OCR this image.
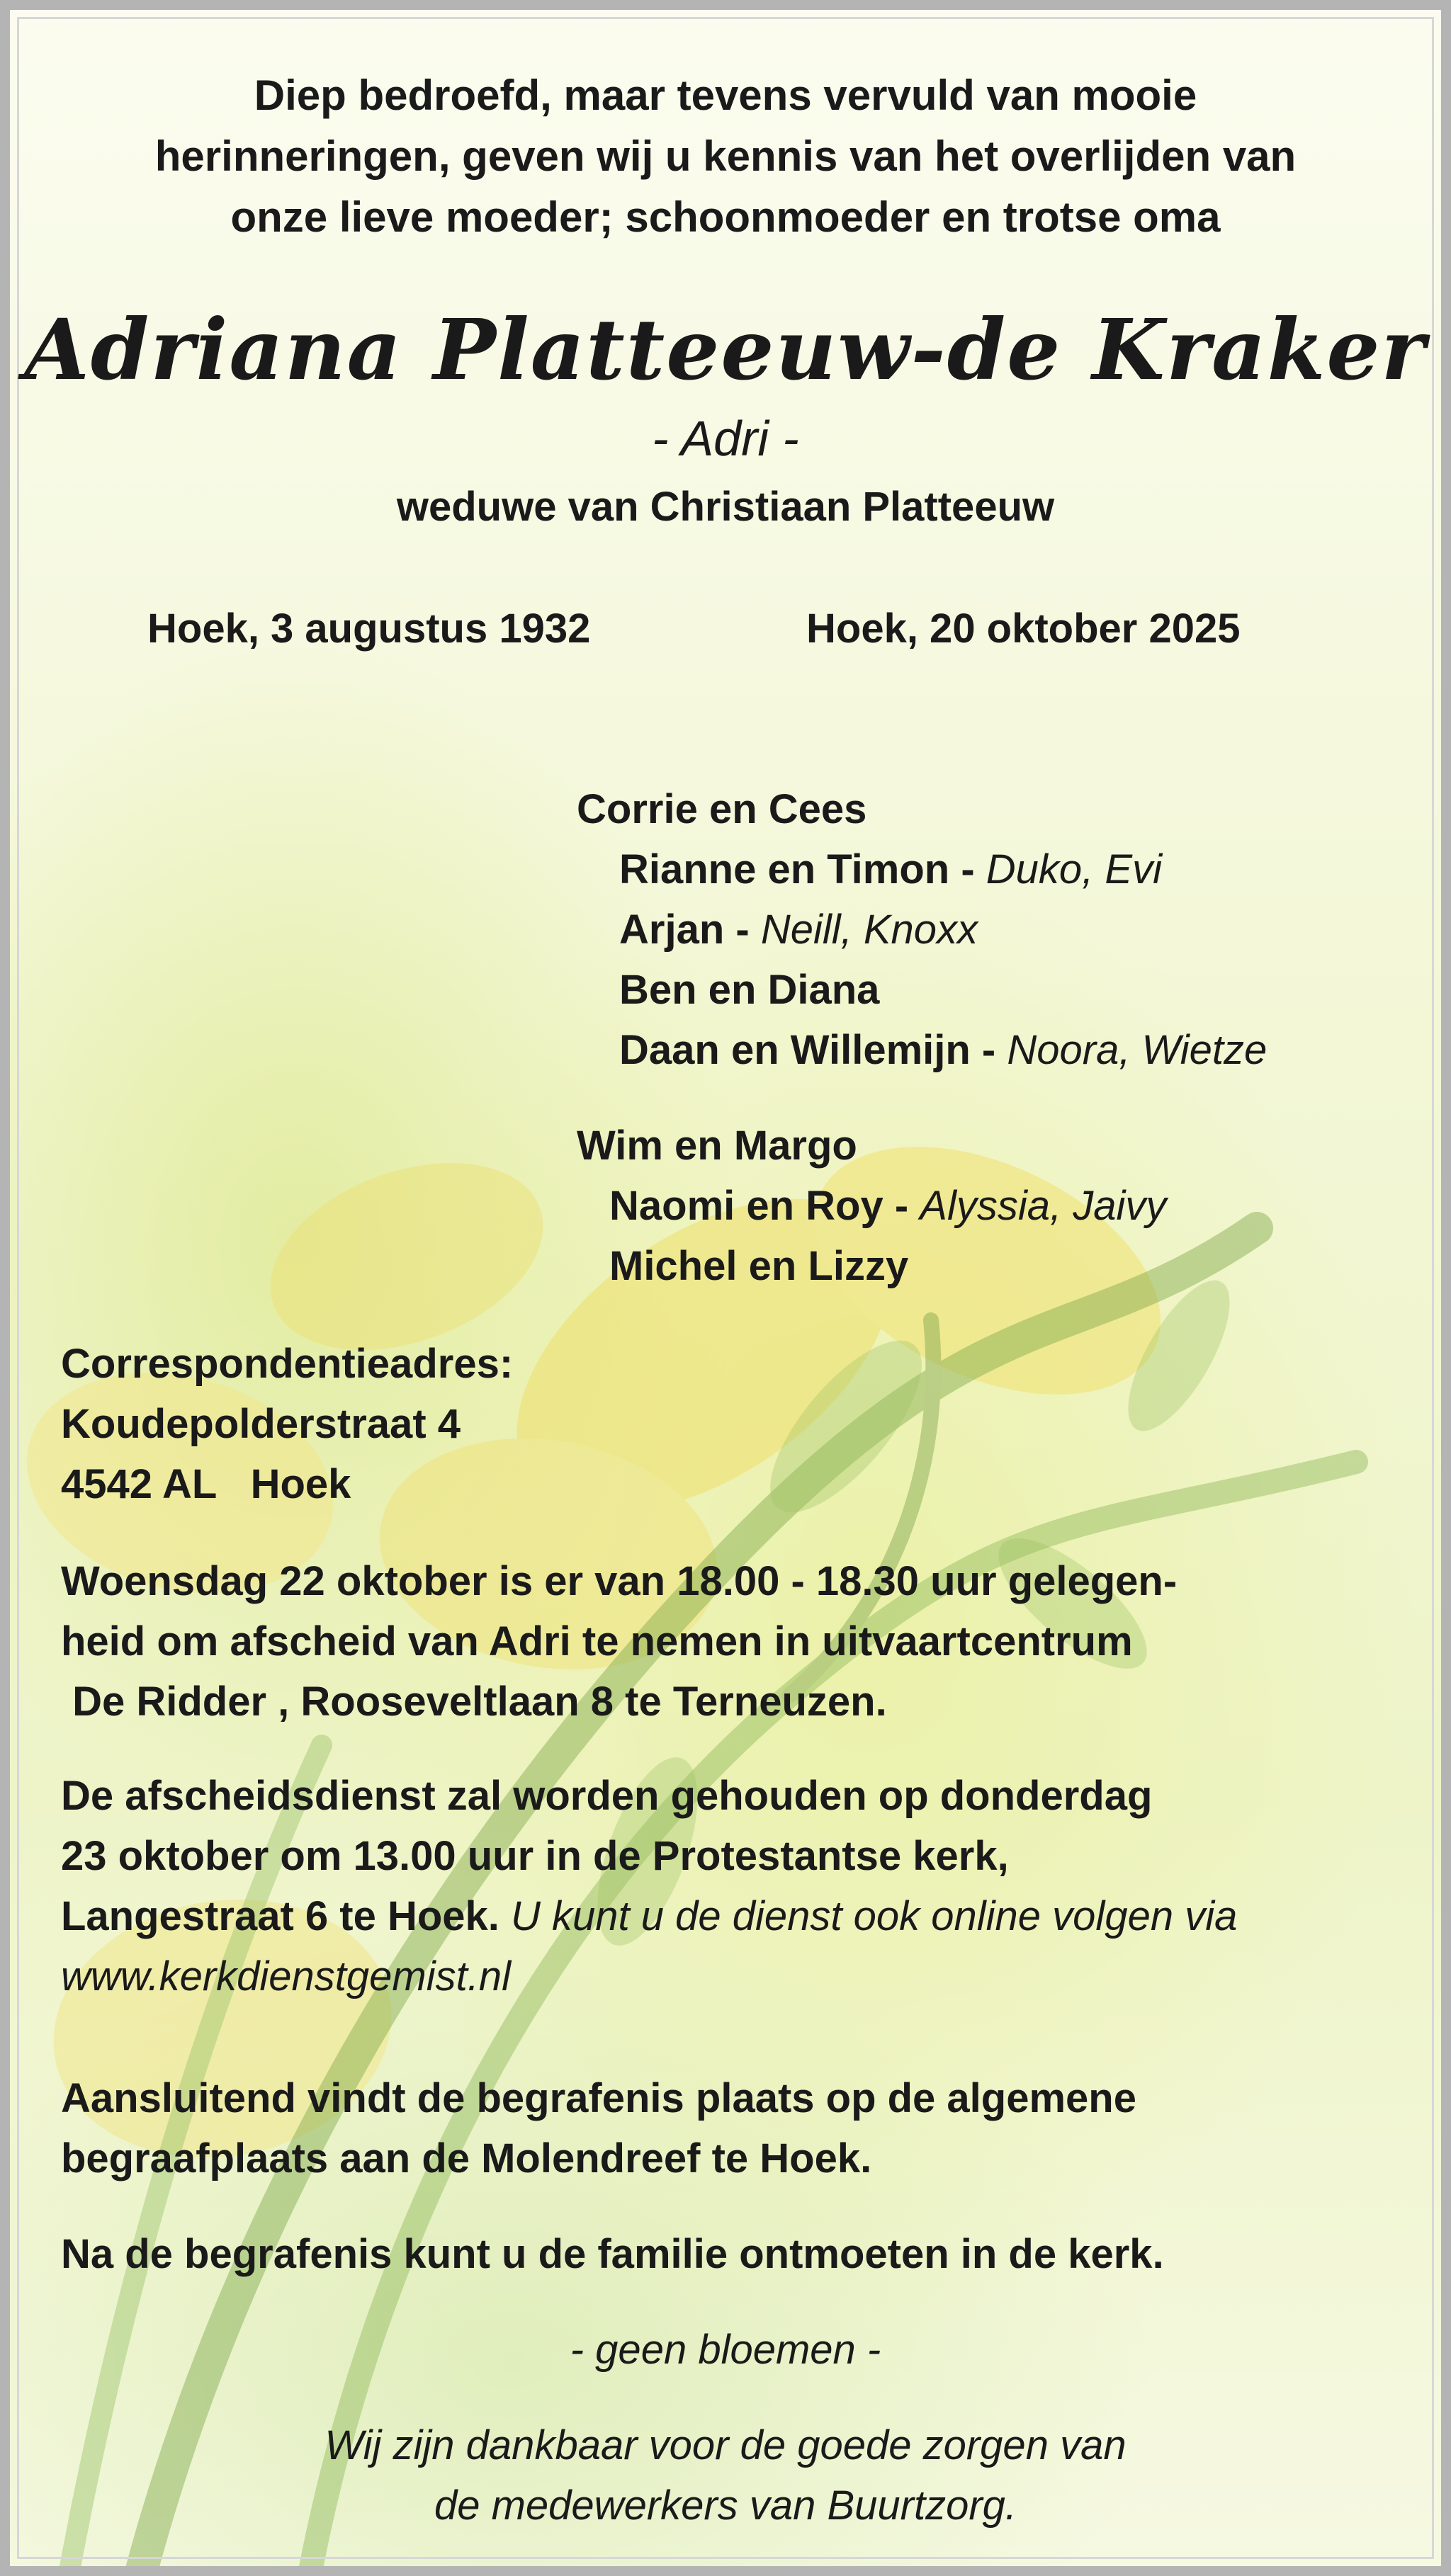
Diep bedroefd, maar tevens vervuld van mooie

herinneringen, geven wij u kennis van het overlijden van

onze lieve moeder; schoonmoeder en trotse oma

Adriana Platteeuw-de Kraker

- Adri -

weduwe van Christiaan Platteeuw

Hoek, 3 augustus 1932	Hoek, 20 oktober 2025

Corrie en Cees

Rianne en Timon - Duko, Evi

Arjan - Neill, Knoxx

Ben en Diana

Daan en Willemijn - Noora, Wietze

Wim en Margo

Naomi en Roy - Alyssia, Jaivy

Michel en Lizzy

Correspondentieadres:

Koudepolderstraat 4

4542 AL   Hoek

Woensdag 22 oktober is er van 18.00 - 18.30 uur gelegen-

heid om afscheid van Adri te nemen in uitvaartcentrum

De Ridder , Rooseveltlaan 8 te Terneuzen.

De afscheidsdienst zal worden gehouden op donderdag

23 oktober om 13.00 uur in de Protestantse kerk,

Langestraat 6 te Hoek. U kunt u de dienst ook online volgen via

www.kerkdienstgemist.nl

Aansluitend vindt de begrafenis plaats op de algemene

begraafplaats aan de Molendreef te Hoek.

Na de begrafenis kunt u de familie ontmoeten in de kerk.

- geen bloemen -

Wij zijn dankbaar voor de goede zorgen van

de medewerkers van Buurtzorg.
